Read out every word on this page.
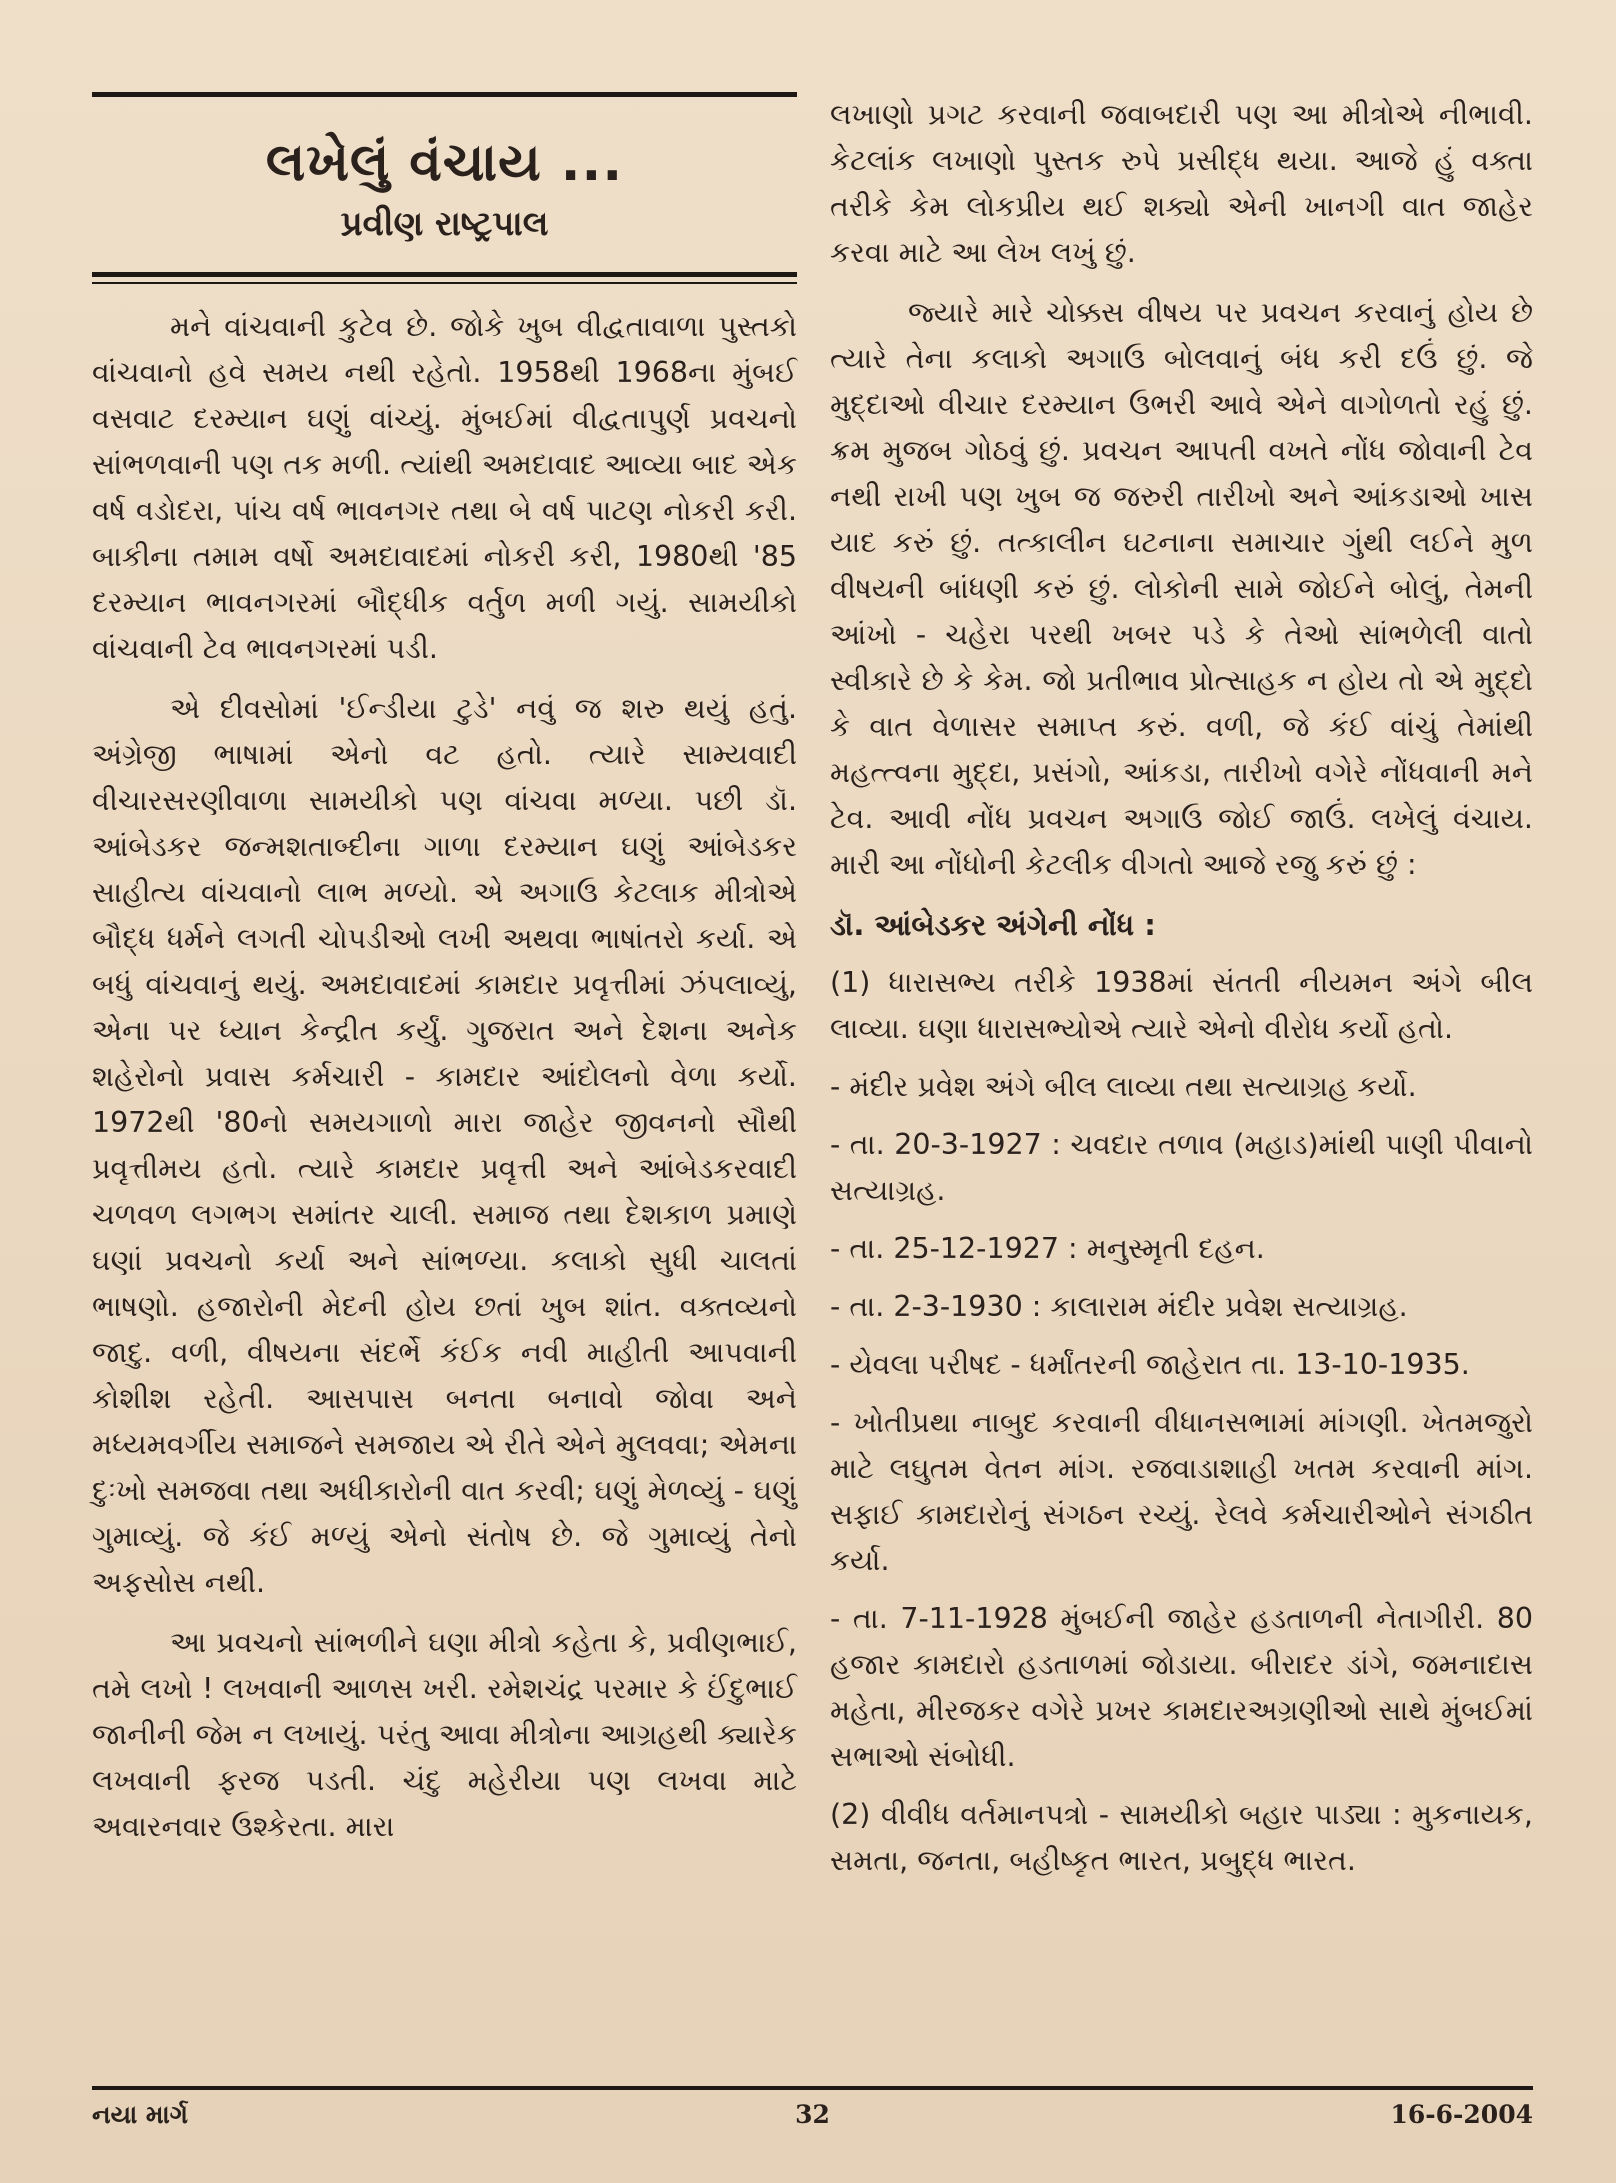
લખેલું વંચાય ...
પ્રવીણ રાષ્ટ્રપાલ

મને વાંચવાની કુટેવ છે. જોકે ખુબ વીદ્વતાવાળા પુસ્તકો વાંચવાનો હવે સમય નથી રહેતો. 1958થી 1968ના મુંબઈ વસવાટ દરમ્યાન ઘણું વાંચ્યું. મુંબઈમાં વીદ્વતાપુર્ણ પ્રવચનો સાંભળવાની પણ તક મળી. ત્યાંથી અમદાવાદ આવ્યા બાદ એક વર્ષ વડોદરા, પાંચ વર્ષ ભાવનગર તથા બે વર્ષ પાટણ નોકરી કરી. બાકીના તમામ વર્ષો અમદાવાદમાં નોકરી કરી, 1980થી '85 દરમ્યાન ભાવનગરમાં બૌદ્ધીક વર્તુળ મળી ગયું. સામયીકો વાંચવાની ટેવ ભાવનગરમાં પડી.

એ દીવસોમાં 'ઈન્ડીયા ટુડે' નવું જ શરુ થયું હતું. અંગ્રેજી ભાષામાં એનો વટ હતો. ત્યારે સામ્યવાદી વીચારસરણીવાળા સામયીકો પણ વાંચવા મળ્યા. પછી ડૉ. આંબેડકર જન્મશતાબ્દીના ગાળા દરમ્યાન ઘણું આંબેડકર સાહીત્ય વાંચવાનો લાભ મળ્યો. એ અગાઉ કેટલાક મીત્રોએ બૌદ્ધ ધર્મને લગતી ચોપડીઓ લખી અથવા ભાષાંતરો કર્યા. એ બધું વાંચવાનું થયું. અમદાવાદમાં કામદાર પ્રવૃત્તીમાં ઝંપલાવ્યું, એના પર ધ્યાન કેન્દ્રીત કર્યું. ગુજરાત અને દેશના અનેક શહેરોનો પ્રવાસ કર્મચારી - કામદાર આંદોલનો વેળા કર્યો. 1972થી '80નો સમયગાળો મારા જાહેર જીવનનો સૌથી પ્રવૃત્તીમય હતો. ત્યારે કામદાર પ્રવૃત્તી અને આંબેડકરવાદી ચળવળ લગભગ સમાંતર ચાલી. સમાજ તથા દેશકાળ પ્રમાણે ઘણાં પ્રવચનો કર્યા અને સાંભળ્યા. કલાકો સુધી ચાલતાં ભાષણો. હજારોની મેદની હોય છતાં ખુબ શાંત. વક્તવ્યનો જાદુ. વળી, વીષયના સંદર્ભે કંઈક નવી માહીતી આપવાની કોશીશ રહેતી. આસપાસ બનતા બનાવો જોવા અને મધ્યમવર્ગીય સમાજને સમજાય એ રીતે એને મુલવવા; એમના દુઃખો સમજવા તથા અધીકારોની વાત કરવી; ઘણું મેળવ્યું - ઘણું ગુમાવ્યું. જે કંઈ મળ્યું એનો સંતોષ છે. જે ગુમાવ્યું તેનો અફસોસ નથી.

આ પ્રવચનો સાંભળીને ઘણા મીત્રો કહેતા કે, પ્રવીણભાઈ, તમે લખો ! લખવાની આળસ ખરી. રમેશચંદ્ર પરમાર કે ઈંદુભાઈ જાનીની જેમ ન લખાયું. પરંતુ આવા મીત્રોના આગ્રહથી ક્યારેક લખવાની ફરજ પડતી. ચંદુ મહેરીયા પણ લખવા માટે અવારનવાર ઉશ્કેરતા. મારા

લખાણો પ્રગટ કરવાની જવાબદારી પણ આ મીત્રોએ નીભાવી. કેટલાંક લખાણો પુસ્તક રુપે પ્રસીદ્ધ થયા. આજે હું વક્તા તરીકે કેમ લોકપ્રીય થઈ શક્યો એની ખાનગી વાત જાહેર કરવા માટે આ લેખ લખું છું.

જ્યારે મારે ચોક્કસ વીષય પર પ્રવચન કરવાનું હોય છે ત્યારે તેના કલાકો અગાઉ બોલવાનું બંધ કરી દઉં છું. જે મુદ્દાઓ વીચાર દરમ્યાન ઉભરી આવે એને વાગોળતો રહું છું. ક્રમ મુજબ ગોઠવું છું. પ્રવચન આપતી વખતે નોંધ જોવાની ટેવ નથી રાખી પણ ખુબ જ જરુરી તારીખો અને આંકડાઓ ખાસ યાદ કરું છું. તત્કાલીન ઘટનાના સમાચાર ગુંથી લઈને મુળ વીષયની બાંધણી કરું છું. લોકોની સામે જોઈને બોલું, તેમની આંખો - ચહેરા પરથી ખબર પડે કે તેઓ સાંભળેલી વાતો સ્વીકારે છે કે કેમ. જો પ્રતીભાવ પ્રોત્સાહક ન હોય તો એ મુદ્દો કે વાત વેળાસર સમાપ્ત કરું. વળી, જે કંઈ વાંચું તેમાંથી મહત્ત્વના મુદ્દા, પ્રસંગો, આંકડા, તારીખો વગેરે નોંધવાની મને ટેવ. આવી નોંધ પ્રવચન અગાઉ જોઈ જાઉં. લખેલું વંચાય. મારી આ નોંધોની કેટલીક વીગતો આજે રજુ કરું છું :

ડૉ. આંબેડકર અંગેની નોંધ :

(1) ધારાસભ્ય તરીકે 1938માં સંતતી નીયમન અંગે બીલ લાવ્યા. ઘણા ધારાસભ્યોએ ત્યારે એનો વીરોધ કર્યો હતો.

- મંદીર પ્રવેશ અંગે બીલ લાવ્યા તથા સત્યાગ્રહ કર્યો.

- તા. 20-3-1927 : ચવદાર તળાવ (મહાડ)માંથી પાણી પીવાનો સત્યાગ્રહ.

- તા. 25-12-1927 : મનુસ્મૃતી દહન.

- તા. 2-3-1930 : કાલારામ મંદીર પ્રવેશ સત્યાગ્રહ.

- યેવલા પરીષદ - ધર્માંતરની જાહેરાત તા. 13-10-1935.

- ખોતીપ્રથા નાબુદ કરવાની વીધાનસભામાં માંગણી. ખેતમજુરો માટે લઘુતમ વેતન માંગ. રજવાડાશાહી ખતમ કરવાની માંગ. સફાઈ કામદારોનું સંગઠન રચ્યું. રેલવે કર્મચારીઓને સંગઠીત કર્યા.

- તા. 7-11-1928 મુંબઈની જાહેર હડતાળની નેતાગીરી. 80 હજાર કામદારો હડતાળમાં જોડાયા. બીરાદર ડાંગે, જમનાદાસ મહેતા, મીરજકર વગેરે પ્રખર કામદારઅગ્રણીઓ સાથે મુંબઈમાં સભાઓ સંબોધી.

(2) વીવીધ વર્તમાનપત્રો - સામયીકો બહાર પાડ્યા : મુકનાયક, સમતા, જનતા, બહીષ્કૃત ભારત, પ્રબુદ્ધ ભારત.

નયા માર્ગ	32	16-6-2004
